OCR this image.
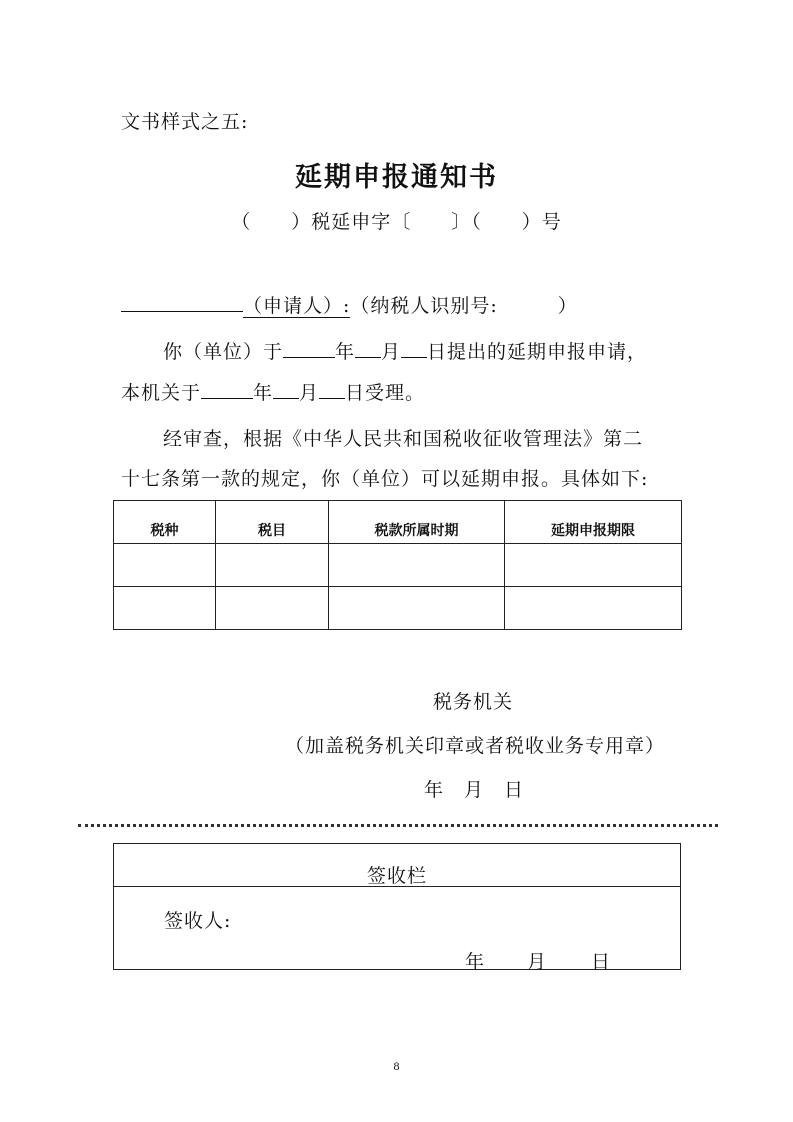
文书样式之五:
延期申报通知书
（　　）税延申字〔　　〕（　　）号
（申请人）:（纳税人识别号:　　　）
你（单位）于	年 月 日提出的延期申报申请，
本机关于	年 月 日受理。
经审查，根据《中华人民共和国税收征收管理法》第二
十七条第一款的规定，你（单位）可以延期申报。具体如下:
税种	税目	税款所属时期	延期申报期限

税务机关
（加盖税务机关印章或者税收业务专用章）
年　月　日
签收栏
签收人:
年 月 日
8
